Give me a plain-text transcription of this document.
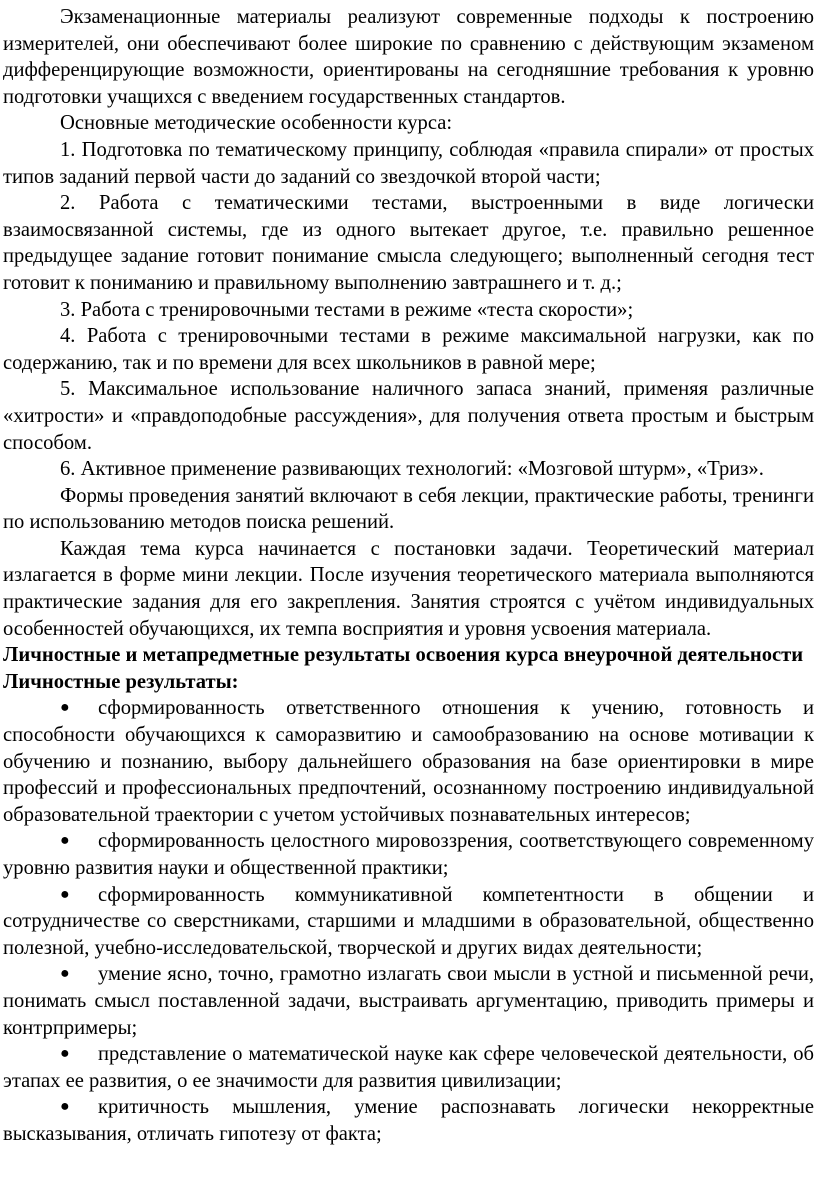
Экзаменационные материалы реализуют современные подходы к построению измерителей, они обеспечивают более широкие по сравнению с действующим экзаменом дифференцирующие возможности, ориентированы на сегодняшние требования к уровню подготовки учащихся с введением государственных стандартов.

Основные методические особенности курса:

1. Подготовка по тематическому принципу, соблюдая «правила спирали» от простых типов заданий первой части до заданий со звездочкой второй части;

2. Работа с тематическими тестами, выстроенными в виде логически взаимосвязанной системы, где из одного вытекает другое, т.е. правильно решенное предыдущее задание готовит понимание смысла следующего; выполненный сегодня тест готовит к пониманию и правильному выполнению завтрашнего и т. д.;

3. Работа с тренировочными тестами в режиме «теста скорости»;

4. Работа с тренировочными тестами в режиме максимальной нагрузки, как по содержанию, так и по времени для всех школьников в равной мере;

5. Максимальное использование наличного запаса знаний, применяя различные «хитрости» и «правдоподобные рассуждения», для получения ответа простым и быстрым способом.

6. Активное применение развивающих технологий: «Мозговой штурм», «Триз».

Формы проведения занятий включают в себя лекции, практические работы, тренинги по использованию методов поиска решений.

Каждая тема курса начинается с постановки задачи. Теоретический материал излагается в форме мини лекции. После изучения теоретического материала выполняются практические задания для его закрепления. Занятия строятся с учётом индивидуальных особенностей обучающихся, их темпа восприятия и уровня усвоения материала.

Личностные и метапредметные результаты освоения курса внеурочной деятельности
Личностные результаты:
● сформированность ответственного отношения к учению, готовность и способности обучающихся к саморазвитию и самообразованию на основе мотивации к обучению и познанию, выбору дальнейшего образования на базе ориентировки в мире профессий и профессиональных предпочтений, осознанному построению индивидуальной образовательной траектории с учетом устойчивых познавательных интересов;
● сформированность целостного мировоззрения, соответствующего современному уровню развития науки и общественной практики;
● сформированность коммуникативной компетентности в общении и сотрудничестве со сверстниками, старшими и младшими в образовательной, общественно полезной, учебно-исследовательской, творческой и других видах деятельности;
● умение ясно, точно, грамотно излагать свои мысли в устной и письменной речи, понимать смысл поставленной задачи, выстраивать аргументацию, приводить примеры и контрпримеры;
● представление о математической науке как сфере человеческой деятельности, об этапах ее развития, о ее значимости для развития цивилизации;
● критичность мышления, умение распознавать логически некорректные высказывания, отличать гипотезу от факта;
